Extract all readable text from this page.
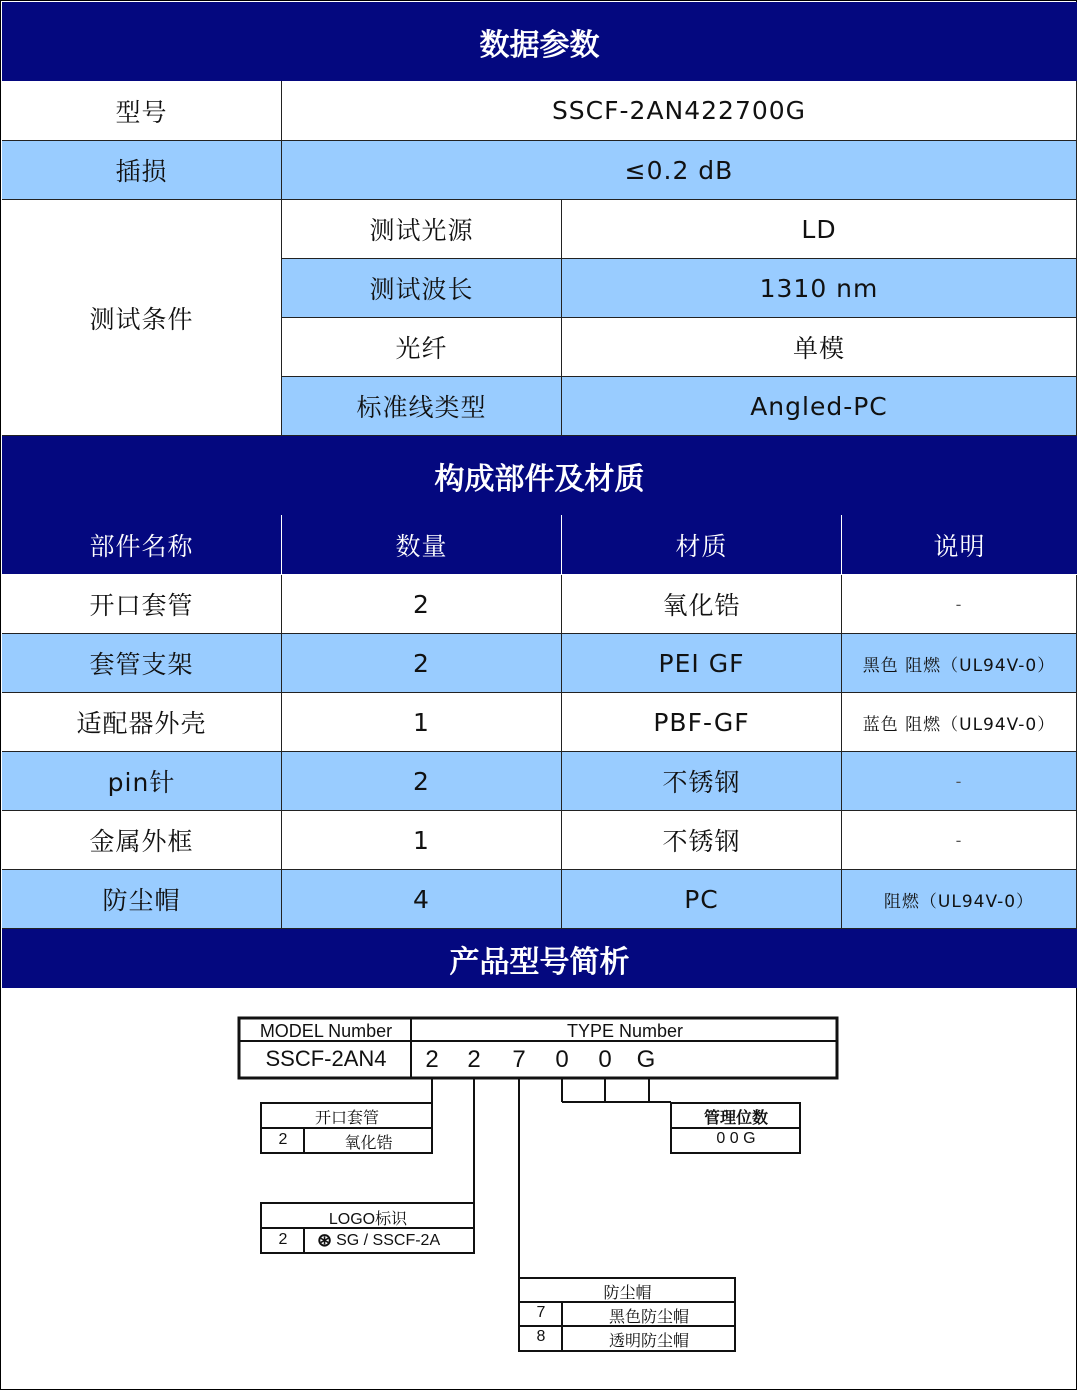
数据参数
型号	SSCF-2AN422700G
插损	≤0.2 dB
测试条件
测试光源	LD
测试波长	1310 nm
光纤	单模
标准线类型	Angled-PC
构成部件及材质
部件名称	数量	材质	说明
开口套管	2	氧化锆	-
套管支架	2	PEI GF	黑色 阻燃（UL94V-0）
适配器外壳	1	PBF-GF	蓝色 阻燃（UL94V-0）
pin针	2	不锈钢	-
金属外框	1	不锈钢	-
防尘帽	4	PC	阻燃（UL94V-0）
产品型号简析
MODEL Number	TYPE Number
SSCF-2AN4	2 2 7 0 0 G
开口套管
2	氧化锆
LOGO标识
2	⊛ SG / SSCF-2A
管理位数
0 0 G
防尘帽
7	黑色防尘帽
8	透明防尘帽
